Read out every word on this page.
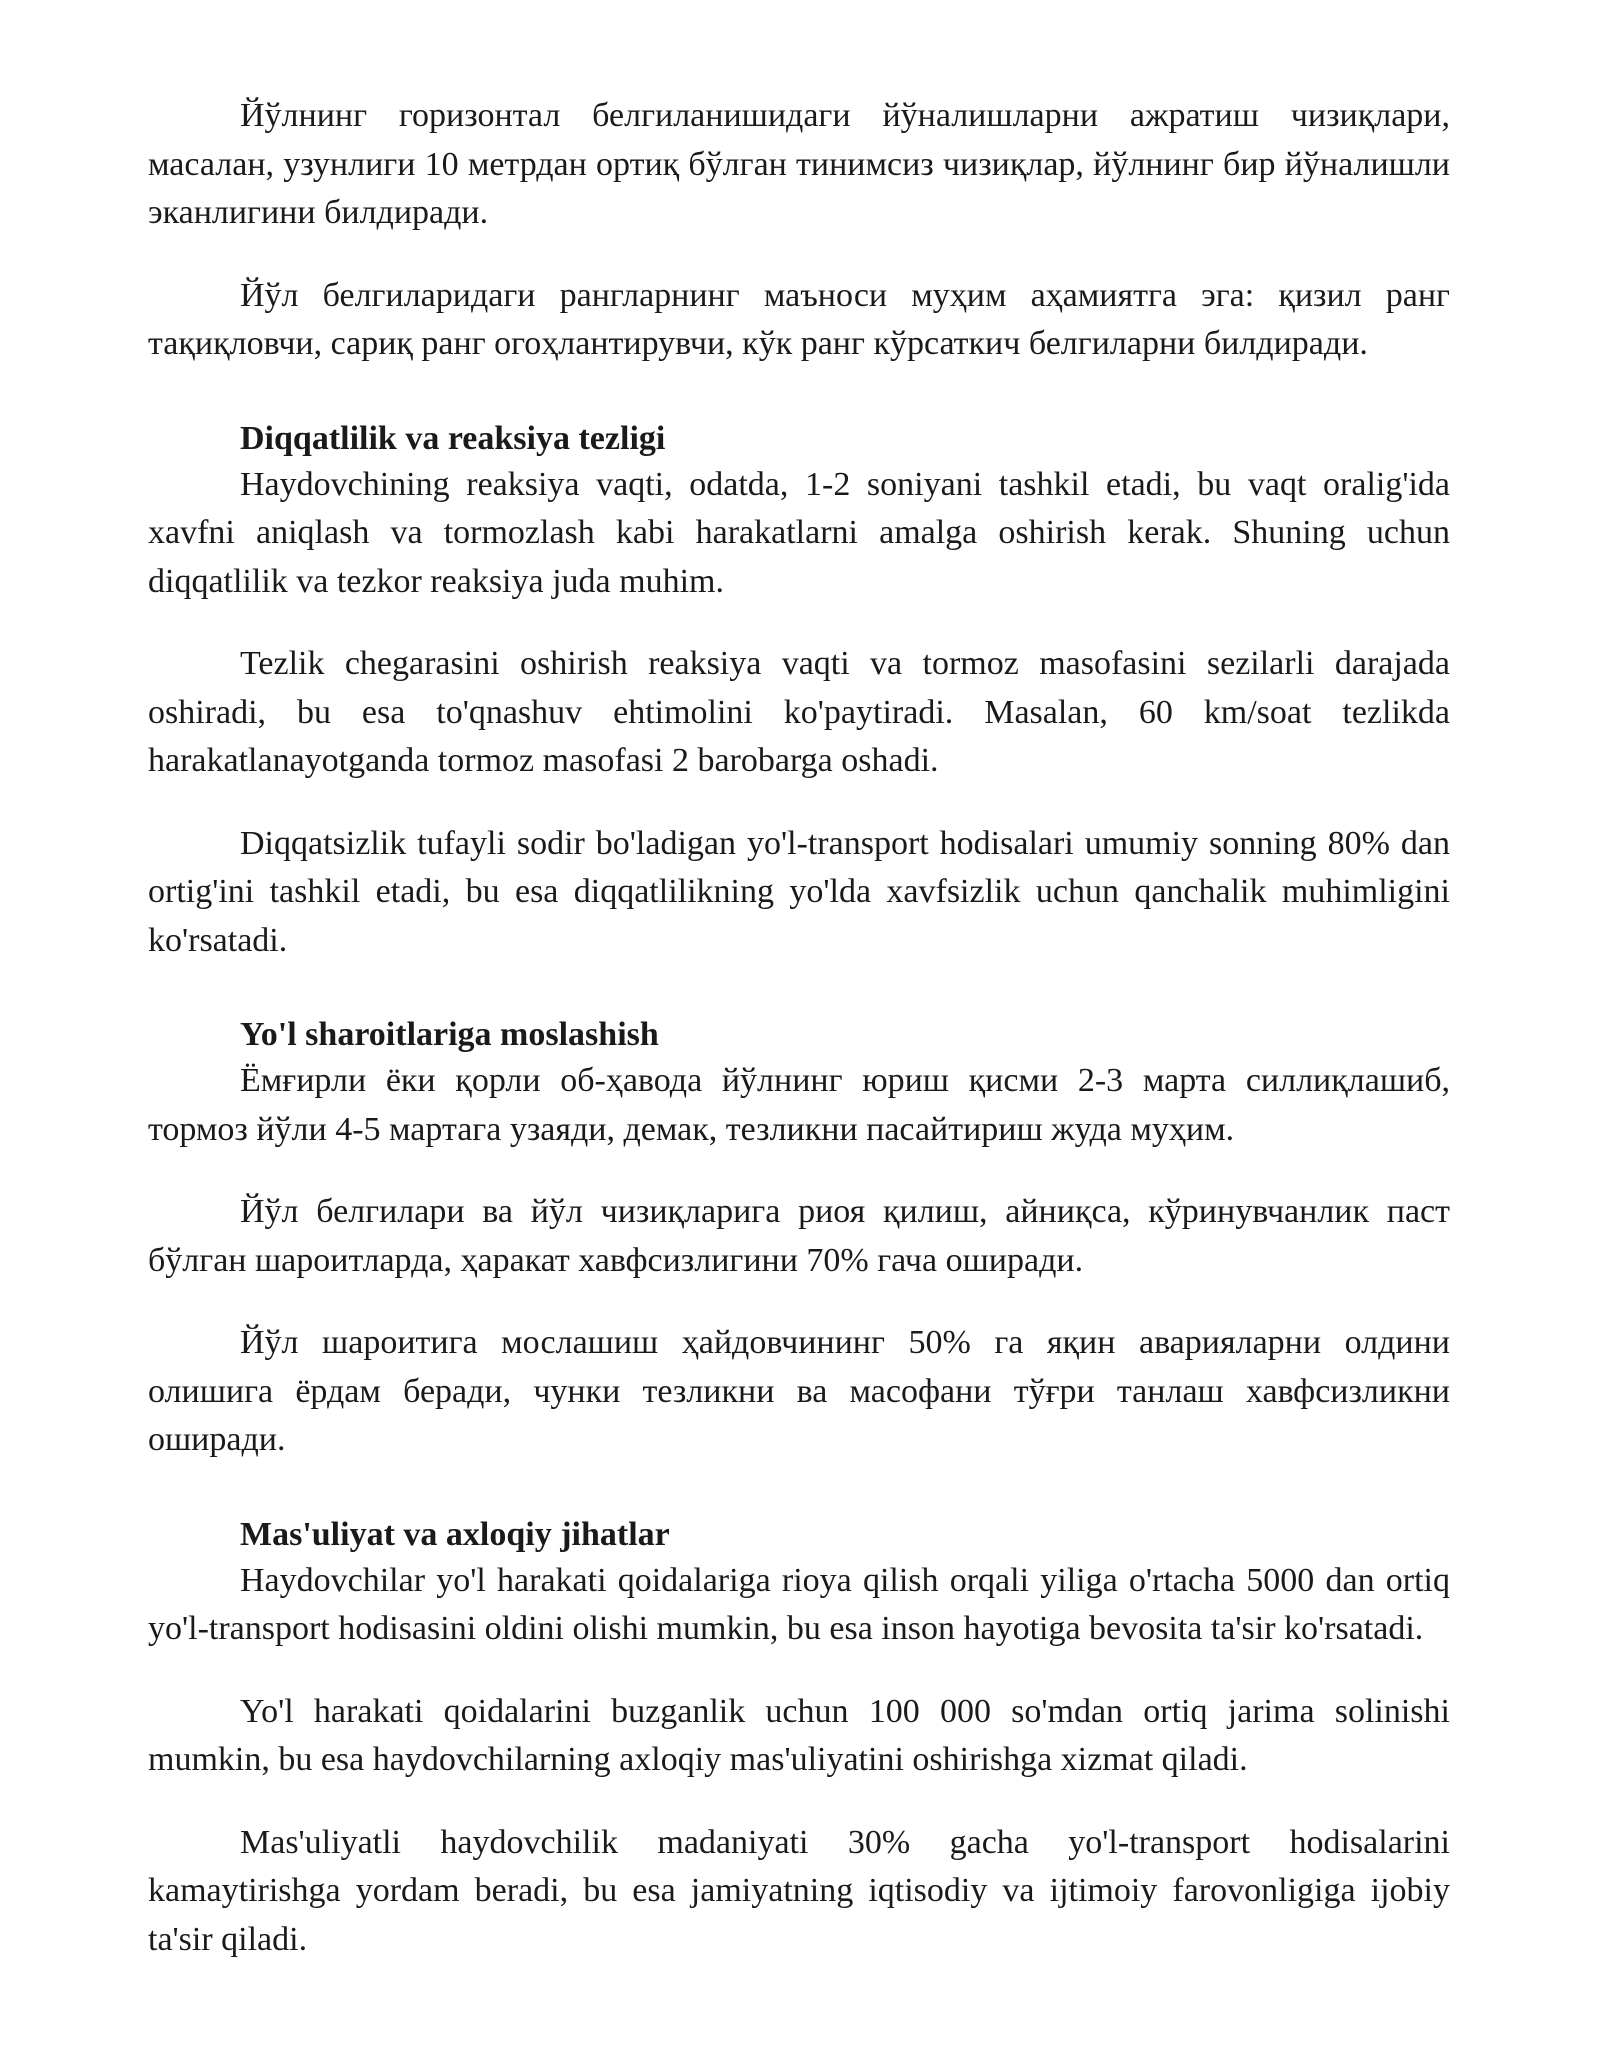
Йўлнинг горизонтал белгиланишидаги йўналишларни ажратиш чизиқлари, масалан, узунлиги 10 метрдан ортиқ бўлган тинимсиз чизиқлар, йўлнинг бир йўналишли эканлигини билдиради.

Йўл белгиларидаги рангларнинг маъноси муҳим аҳамиятга эга: қизил ранг тақиқловчи, сариқ ранг огоҳлантирувчи, кўк ранг кўрсаткич белгиларни билдиради.

Diqqatlilik va reaksiya tezligi

Haydovchining reaksiya vaqti, odatda, 1-2 soniyani tashkil etadi, bu vaqt oralig'ida xavfni aniqlash va tormozlash kabi harakatlarni amalga oshirish kerak. Shuning uchun diqqatlilik va tezkor reaksiya juda muhim.

Tezlik chegarasini oshirish reaksiya vaqti va tormoz masofasini sezilarli darajada oshiradi, bu esa to'qnashuv ehtimolini ko'paytiradi. Masalan, 60 km/soat tezlikda harakatlanayotganda tormoz masofasi 2 barobarga oshadi.

Diqqatsizlik tufayli sodir bo'ladigan yo'l-transport hodisalari umumiy sonning 80% dan ortig'ini tashkil etadi, bu esa diqqatlilikning yo'lda xavfsizlik uchun qanchalik muhimligini ko'rsatadi.

Yo'l sharoitlariga moslashish

Ёмғирли ёки қорли об-ҳавода йўлнинг юриш қисми 2-3 марта силлиқлашиб, тормоз йўли 4-5 мартага узаяди, демак, тезликни пасайтириш жуда муҳим.

Йўл белгилари ва йўл чизиқларига риоя қилиш, айниқса, кўринувчанлик паст бўлган шароитларда, ҳаракат хавфсизлигини 70% гача оширади.

Йўл шароитига мослашиш ҳайдовчининг 50% га яқин аварияларни олдини олишига ёрдам беради, чунки тезликни ва масофани тўғри танлаш хавфсизликни оширади.

Mas'uliyat va axloqiy jihatlar

Haydovchilar yo'l harakati qoidalariga rioya qilish orqali yiliga o'rtacha 5000 dan ortiq yo'l-transport hodisasini oldini olishi mumkin, bu esa inson hayotiga bevosita ta'sir ko'rsatadi.

Yo'l harakati qoidalarini buzganlik uchun 100 000 so'mdan ortiq jarima solinishi mumkin, bu esa haydovchilarning axloqiy mas'uliyatini oshirishga xizmat qiladi.

Mas'uliyatli haydovchilik madaniyati 30% gacha yo'l-transport hodisalarini kamaytirishga yordam beradi, bu esa jamiyatning iqtisodiy va ijtimoiy farovonligiga ijobiy ta'sir qiladi.
